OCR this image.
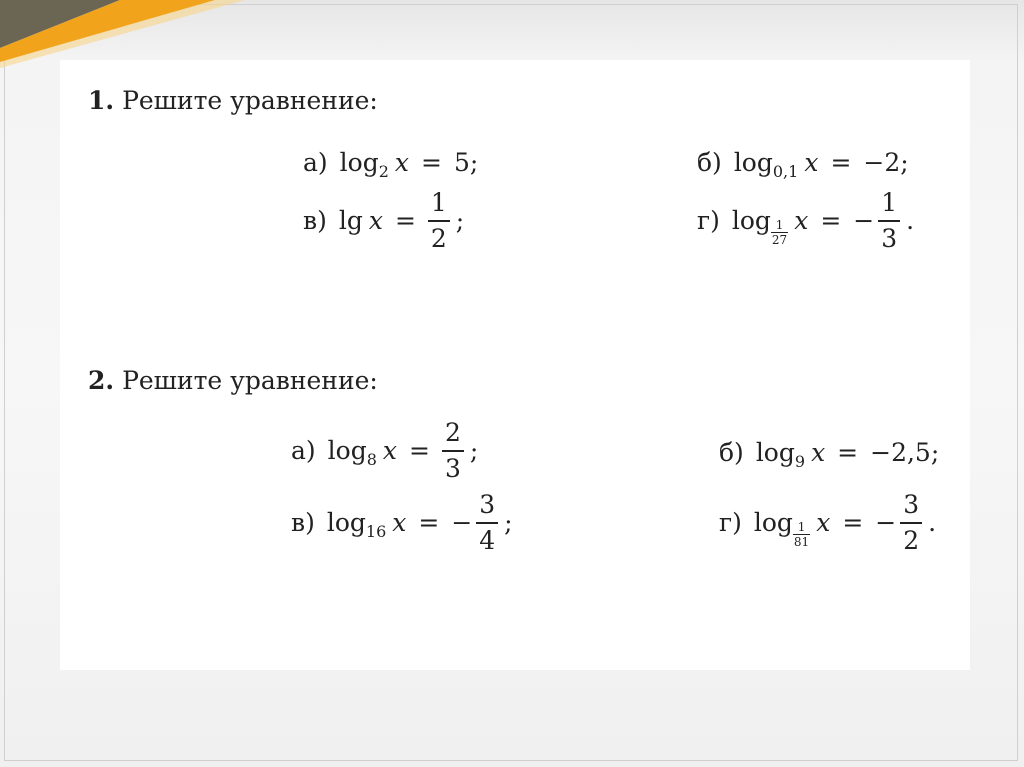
1. Решите уравнение:
а) log 2 x = 5 ;	б) log 0,1 x = −2 ;
в) $\lg x = \frac{1}{2}$ ;	г) log 1
27
x = − $\frac{1}{3}$ .
2. Решите уравнение:
а) log 8 $x = \frac{2}{3}$ ;	б) log 9 x = −2,5 ;
в) log 16 x = − $\frac{3}{4}$ ;	г) log 1
81
x = − $\frac{3}{2}$ .
